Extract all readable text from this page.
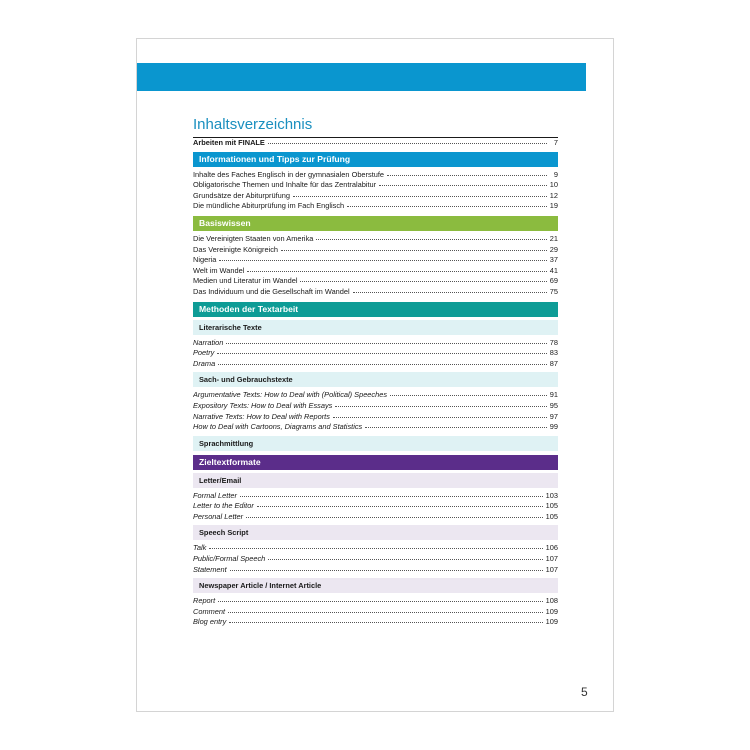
Inhaltsverzeichnis
Arbeiten mit FINALE	7
Informationen und Tipps zur Prüfung
Inhalte des Faches Englisch in der gymnasialen Oberstufe	9
Obligatorische Themen und Inhalte für das Zentralabitur	10
Grundsätze der Abiturprüfung	12
Die mündliche Abiturprüfung im Fach Englisch	19
Basiswissen
Die Vereinigten Staaten von Amerika	21
Das Vereinigte Königreich	29
Nigeria	37
Welt im Wandel	41
Medien und Literatur im Wandel	69
Das Individuum und die Gesellschaft im Wandel	75
Methoden der Textarbeit
Literarische Texte
Narration	78
Poetry	83
Drama	87
Sach- und Gebrauchstexte
Argumentative Texts: How to Deal with (Political) Speeches	91
Expository Texts: How to Deal with Essays	95
Narrative Texts: How to Deal with Reports	97
How to Deal with Cartoons, Diagrams and Statistics	99
Sprachmittlung
Zieltextformate
Letter/Email
Formal Letter	103
Letter to the Editor	105
Personal Letter	105
Speech Script
Talk	106
Public/Formal Speech	107
Statement	107
Newspaper Article / Internet Article
Report	108
Comment	109
Blog entry	109
5
